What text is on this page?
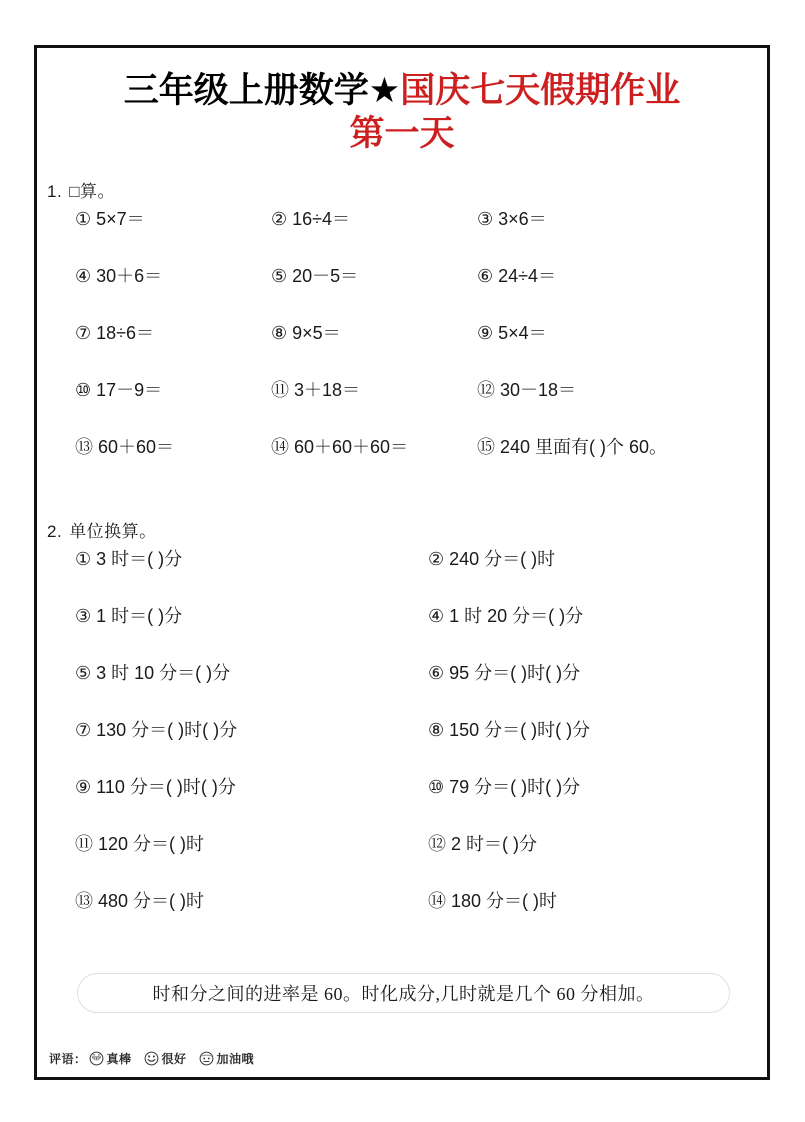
三年级上册数学★国庆七天假期作业
第一天
1. □算。
① 5×7＝	② 16÷4＝	③ 3×6＝
④ 30＋6＝	⑤ 20－5＝	⑥ 24÷4＝
⑦ 18÷6＝	⑧ 9×5＝	⑨ 5×4＝
⑩ 17－9＝	⑪ 3＋18＝	⑫ 30－18＝
⑬ 60＋60＝	⑭ 60＋60＋60＝	⑮ 240 里面有( )个 60。
2. 单位换算。
① 3 时＝( )分	② 240 分＝( )时
③ 1 时＝( )分	④ 1 时 20 分＝( )分
⑤ 3 时 10 分＝( )分	⑥ 95 分＝( )时( )分
⑦ 130 分＝( )时( )分	⑧ 150 分＝( )时( )分
⑨ 110 分＝( )时( )分	⑩ 79 分＝( )时( )分
⑪ 120 分＝( )时	⑫ 2 时＝( )分
⑬ 480 分＝( )时	⑭ 180 分＝( )时
时和分之间的进率是 60。时化成分,几时就是几个 60 分相加。
评语： 真棒	很好	加油哦
